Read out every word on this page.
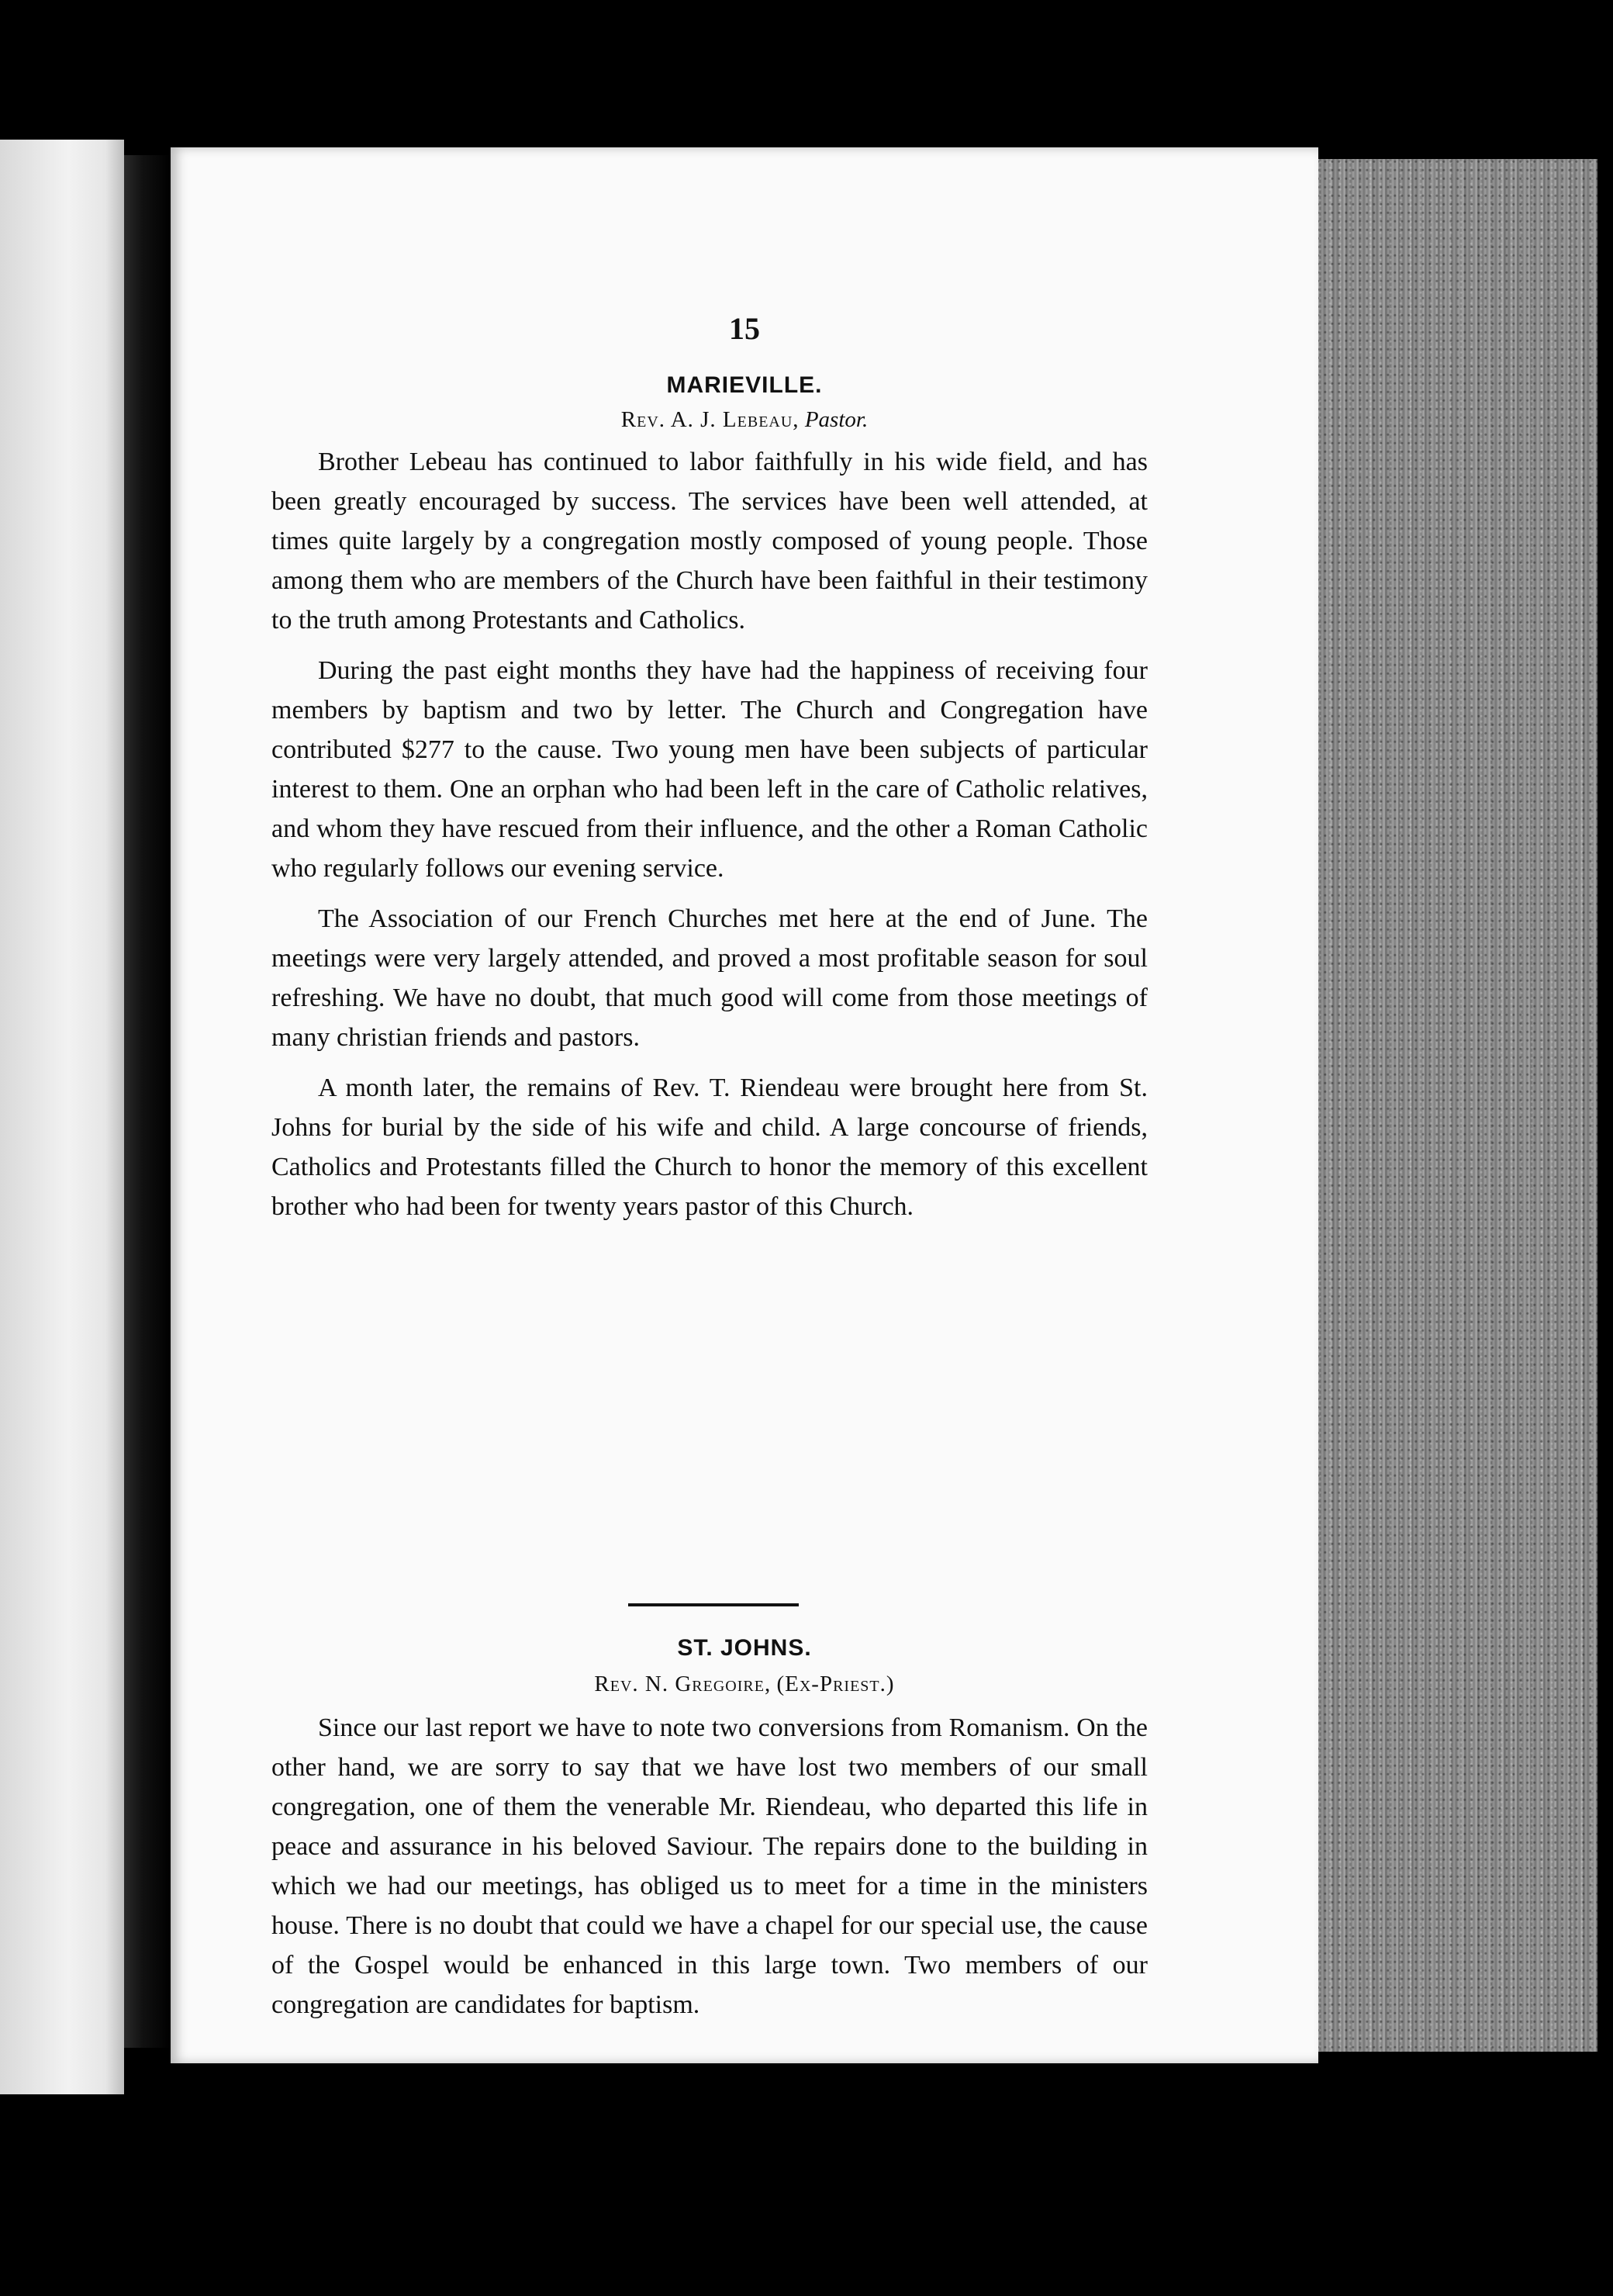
15
MARIEVILLE.
Rev. A. J. Lebeau, Pastor.

Brother Lebeau has continued to labor faithfully in his wide field, and has been greatly encouraged by success. The services have been well attended, at times quite largely by a congregation mostly composed of young people. Those among them who are members of the Church have been faithful in their testimony to the truth among Protestants and Catholics.

During the past eight months they have had the happiness of receiving four members by baptism and two by letter. The Church and Congregation have contributed $277 to the cause. Two young men have been subjects of particular interest to them. One an orphan who had been left in the care of Catholic relatives, and whom they have rescued from their influence, and the other a Roman Catholic who regularly follows our evening service.

The Association of our French Churches met here at the end of June. The meetings were very largely attended, and proved a most profitable season for soul refreshing. We have no doubt, that much good will come from those meetings of many christian friends and pastors.

A month later, the remains of Rev. T. Riendeau were brought here from St. Johns for burial by the side of his wife and child. A large concourse of friends, Catholics and Protestants filled the Church to honor the memory of this excellent brother who had been for twenty years pastor of this Church.

ST. JOHNS.
Rev. N. Gregoire, (Ex-Priest.)

Since our last report we have to note two conversions from Romanism. On the other hand, we are sorry to say that we have lost two members of our small congregation, one of them the venerable Mr. Riendeau, who departed this life in peace and assurance in his beloved Saviour. The repairs done to the building in which we had our meetings, has obliged us to meet for a time in the ministers house. There is no doubt that could we have a chapel for our special use, the cause of the Gospel would be enhanced in this large town. Two members of our congregation are candidates for baptism.
